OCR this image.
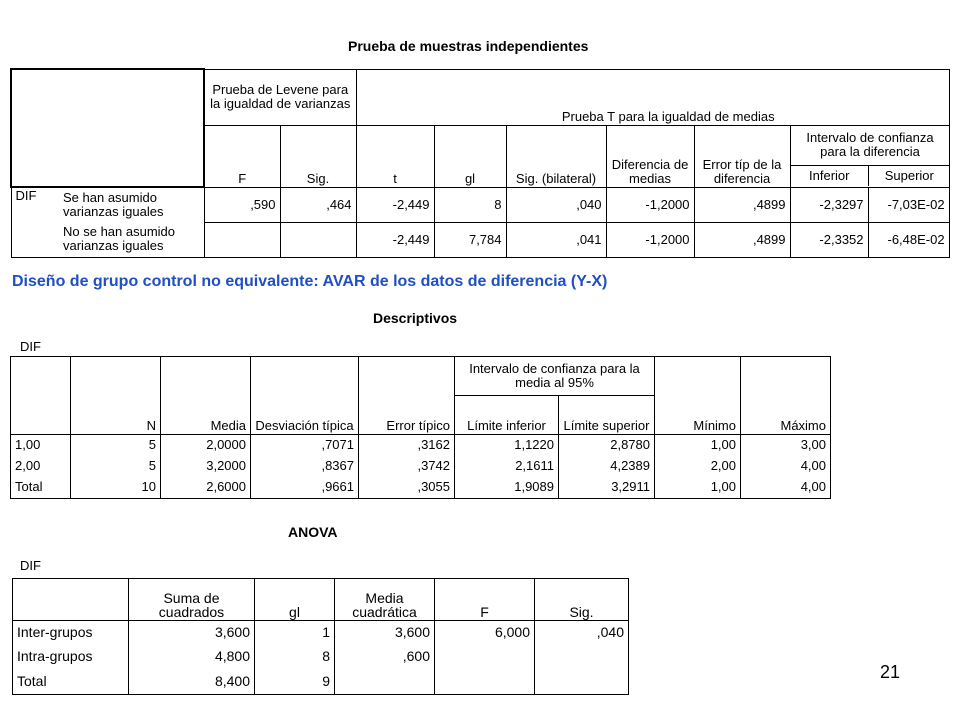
Prueba de muestras independientes
	Prueba de Levene para la igualdad de varianzas	Prueba T para la igualdad de medias
F	Sig.	t	gl	Sig. (bilateral)	Diferencia de medias	Error típ de la diferencia	
Intervalo de confianza para la diferencia
Inferior	Superior

DIF	Se han asumido varianzas iguales	,590	,464	-2,449	8	,040	-1,2000	,4899	-2,3297	-7,03E-02
No se han asumido varianzas iguales			-2,449	7,784	,041	-1,2000	,4899	-2,3352	-6,48E-02
Diseño de grupo control no equivalente: AVAR de los datos de diferencia (Y-X)
Descriptivos
DIF
	N	Media	Desviación típica	Error típico	Intervalo de confianza para la media al 95%		Mínimo	Máximo
					Límite inferior	Límite superior		
1,00	5	2,0000	,7071	,3162	1,1220	2,8780	1,00	3,00
2,00	5	3,2000	,8367	,3742	2,1611	4,2389	2,00	4,00
Total	10	2,6000	,9661	,3055	1,9089	3,2911	1,00	4,00
ANOVA
DIF
	Suma de cuadrados	gl	Media cuadrática	F	Sig.
Inter-grupos	3,600	1	3,600	6,000	,040
Intra-grupos	4,800	8	,600		
Total	8,400	9				21
